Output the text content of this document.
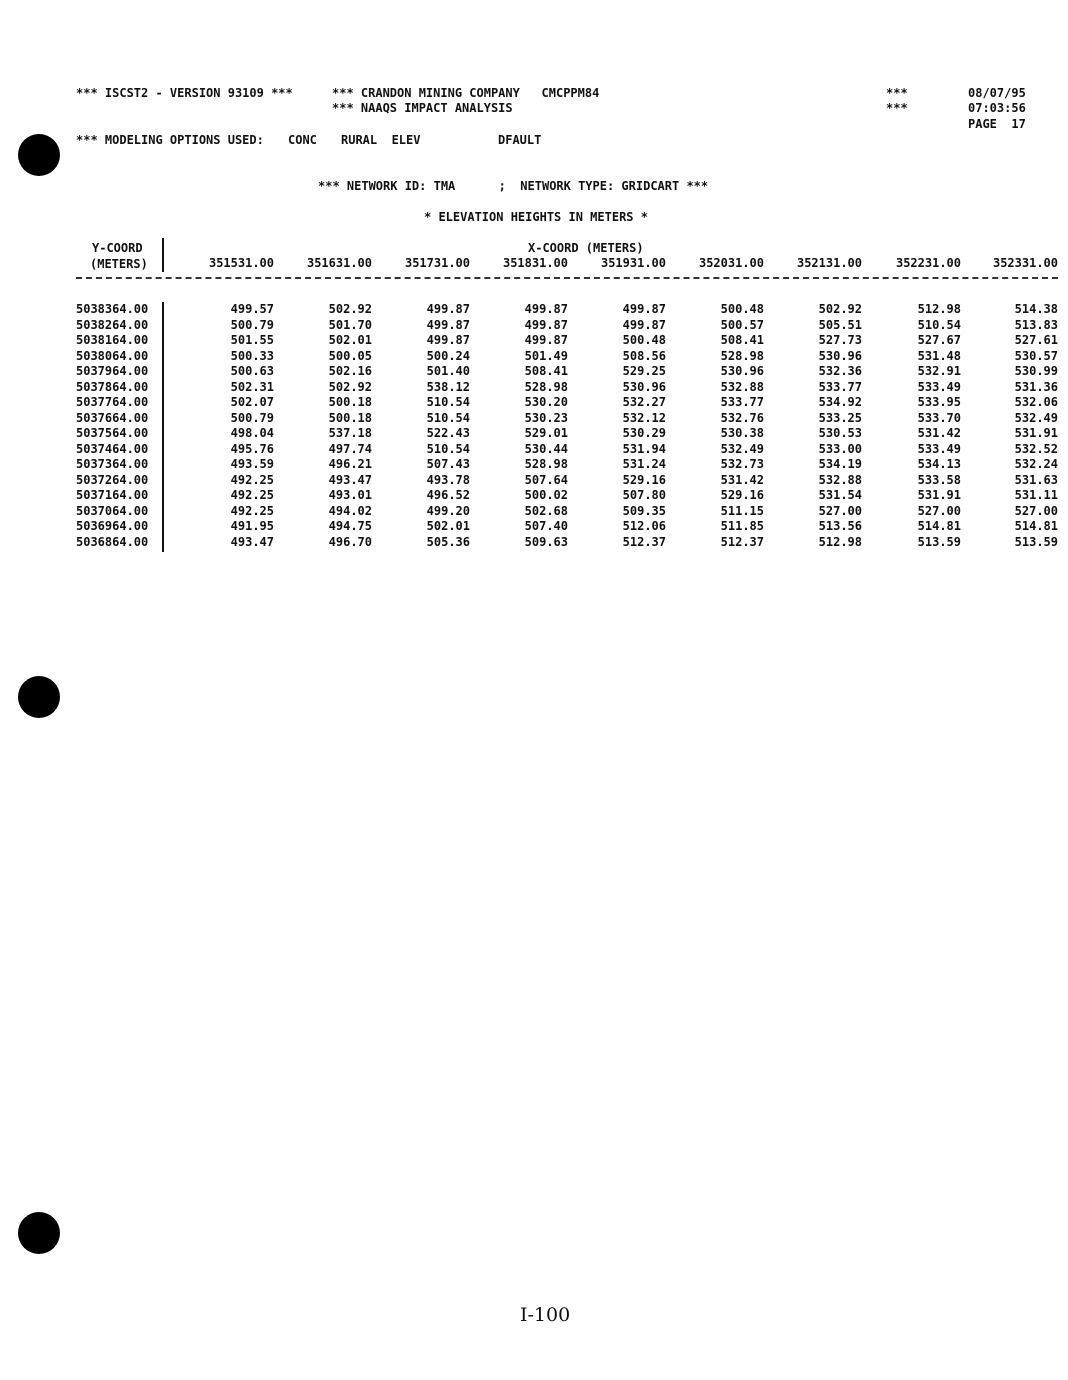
*** ISCST2 - VERSION 93109 ***	*** CRANDON MINING COMPANY   CMCPPM84
*** NAAQS IMPACT ANALYSIS
***
***
08/07/95
07:03:56
PAGE  17
*** MODELING OPTIONS USED: CONC RURAL  ELEV	DFAULT
*** NETWORK ID: TMA      ;  NETWORK TYPE: GRIDCART ***
* ELEVATION HEIGHTS IN METERS *
Y-COORD
(METERS)
X-COORD (METERS)
351531.00	351631.00	351731.00	351831.00	351931.00	352031.00	352131.00	352231.00	352331.00
5038364.00	499.57	502.92	499.87	499.87	499.87	500.48	502.92	512.98	514.38
5038264.00	500.79	501.70	499.87	499.87	499.87	500.57	505.51	510.54	513.83
5038164.00	501.55	502.01	499.87	499.87	500.48	508.41	527.73	527.67	527.61
5038064.00	500.33	500.05	500.24	501.49	508.56	528.98	530.96	531.48	530.57
5037964.00	500.63	502.16	501.40	508.41	529.25	530.96	532.36	532.91	530.99
5037864.00	502.31	502.92	538.12	528.98	530.96	532.88	533.77	533.49	531.36
5037764.00	502.07	500.18	510.54	530.20	532.27	533.77	534.92	533.95	532.06
5037664.00	500.79	500.18	510.54	530.23	532.12	532.76	533.25	533.70	532.49
5037564.00	498.04	537.18	522.43	529.01	530.29	530.38	530.53	531.42	531.91
5037464.00	495.76	497.74	510.54	530.44	531.94	532.49	533.00	533.49	532.52
5037364.00	493.59	496.21	507.43	528.98	531.24	532.73	534.19	534.13	532.24
5037264.00	492.25	493.47	493.78	507.64	529.16	531.42	532.88	533.58	531.63
5037164.00	492.25	493.01	496.52	500.02	507.80	529.16	531.54	531.91	531.11
5037064.00	492.25	494.02	499.20	502.68	509.35	511.15	527.00	527.00	527.00
5036964.00	491.95	494.75	502.01	507.40	512.06	511.85	513.56	514.81	514.81
5036864.00	493.47	496.70	505.36	509.63	512.37	512.37	512.98	513.59	513.59
I-100
